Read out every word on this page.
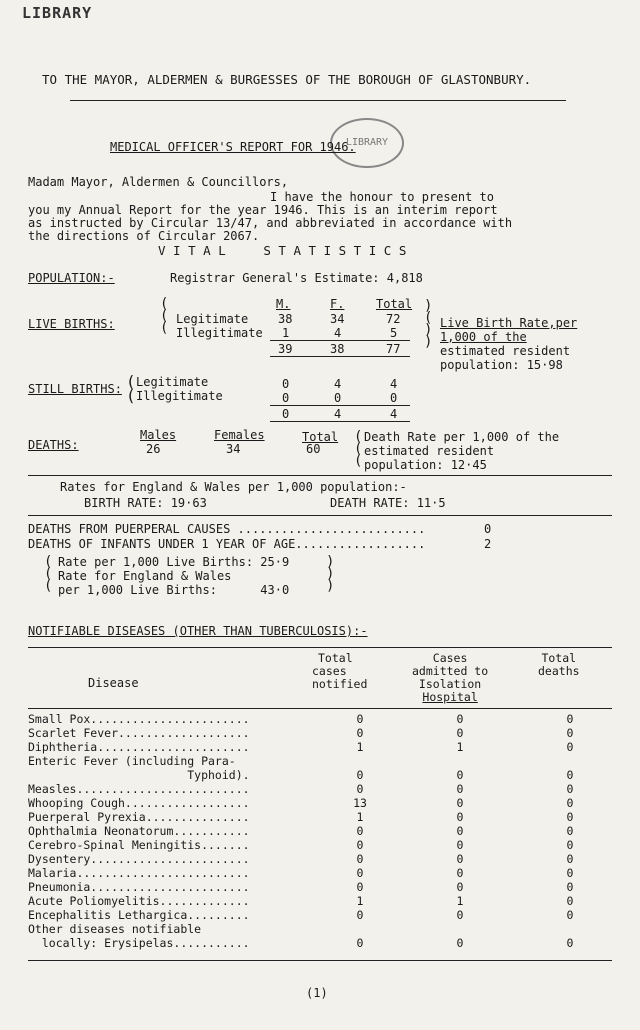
LIBRARY
LIBRARY
TO THE MAYOR, ALDERMEN & BURGESSES OF THE BOROUGH OF GLASTONBURY.
MEDICAL OFFICER'S REPORT FOR 1946.
Madam Mayor, Aldermen & Councillors,
I have the honour to present to
you my Annual Report for the year 1946. This is an interim report
as instructed by Circular 13/47, and abbreviated in accordance with
the directions of Circular 2067.
V I T A L     S T A T I S T I C S
POPULATION:-	Registrar General's Estimate: 4,818
M.	F.	Total
LIVE BIRTHS:
(
(
(
Legitimate
Illegitimate
38	34	72
1	4	5
39	38	77
)
(
)
)
Live Birth Rate,per
1,000 of the
estimated resident
population: 15·98
STILL BIRTHS: (
(
Legitimate
Illegitimate
0	4	4
0	0	0
0	4	4
Males	Females	Total
DEATHS:	26	34	60
(
(
(
Death Rate per 1,000 of the
estimated resident
population: 12·45
Rates for England & Wales per 1,000 population:-
BIRTH RATE: 19·63	DEATH RATE: 11·5
DEATHS FROM PUERPERAL CAUSES ..........................	0
DEATHS OF INFANTS UNDER 1 YEAR OF AGE..................	2
(
(
(
Rate per 1,000 Live Births: 25·9
Rate for England & Wales
per 1,000 Live Births:      43·0
)
)
)
NOTIFIABLE DISEASES (OTHER THAN TUBERCULOSIS):-
Disease
Total
cases
notified
Cases
admitted to
Isolation
Hospital
Total
deaths
Small Pox.......................	0	0	0
Scarlet Fever...................	0	0	0
Diphtheria......................	1	1	0
Enteric Fever (including Para-			
Typhoid).	0	0	0
Measles.........................	0	0	0
Whooping Cough..................	13	0	0
Puerperal Pyrexia...............	1	0	0
Ophthalmia Neonatorum...........	0	0	0
Cerebro-Spinal Meningitis.......	0	0	0
Dysentery.......................	0	0	0
Malaria.........................	0	0	0
Pneumonia.......................	0	0	0
Acute Poliomyelitis.............	1	1	0
Encephalitis Lethargica.........	0	0	0
Other diseases notifiable			
locally: Erysipelas...........	0	0	0
(1)
